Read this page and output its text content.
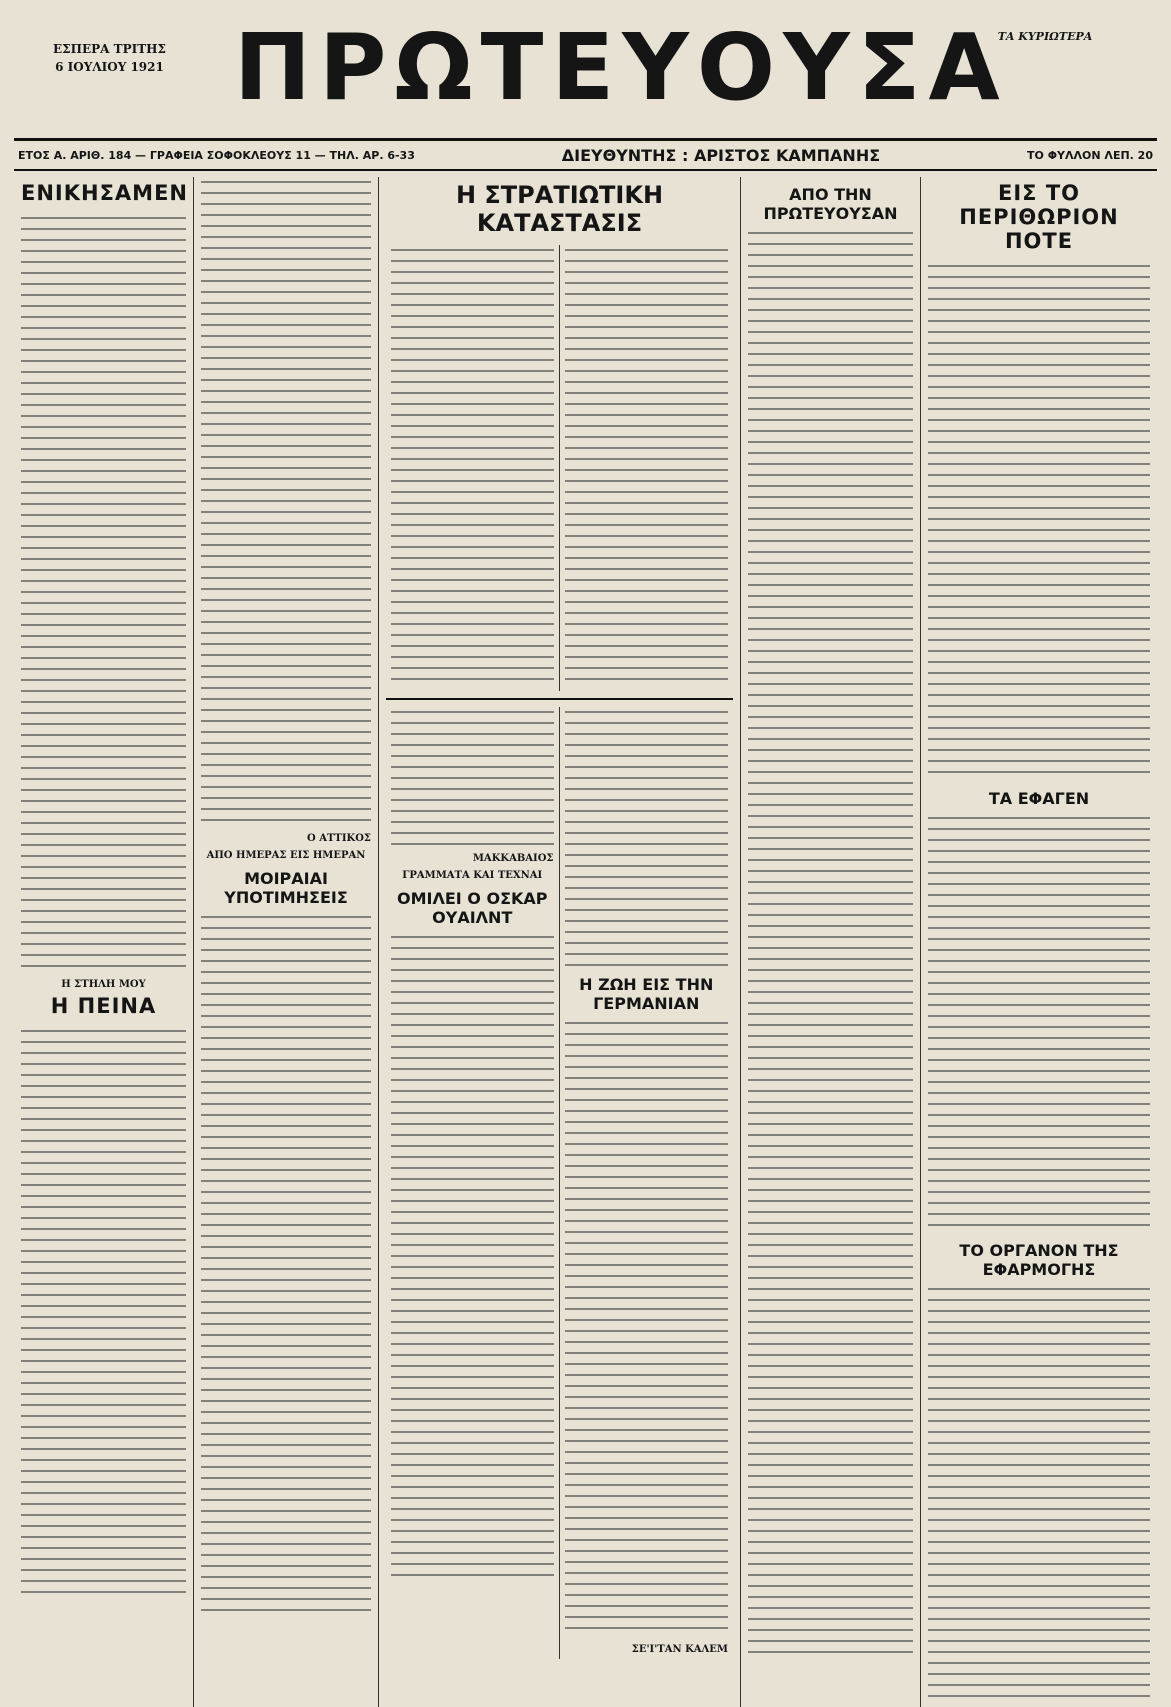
ΕΣΠΕΡΑ ΤΡΙΤΗΣ
6 ΙΟΥΛΙΟΥ 1921 ΠΡΩΤΕΥΟΥΣΑ
ΤΑ ΚΥΡΙΩΤΕΡΑ
ΕΤΟΣ Α. ΑΡΙΘ. 184 — ΓΡΑΦΕΙΑ ΣΟΦΟΚΛΕΟΥΣ 11 — ΤΗΛ. ΑΡ. 6-33	ΔΙΕΥΘΥΝΤΗΣ : ΑΡΙΣΤΟΣ ΚΑΜΠΑΝΗΣ	ΤΟ ΦΥΛΛΟΝ ΛΕΠ. 20
ΕΝΙΚΗΣΑΜΕΝ
Η ΣΤΗΛΗ ΜΟΥ
Η ΠΕΙΝΑ
Ο ΑΤΤΙΚΟΣ
ΑΠΟ ΗΜΕΡΑΣ ΕΙΣ ΗΜΕΡΑΝ
ΜΟΙΡΑΙΑΙ ΥΠΟΤΙΜΗΣΕΙΣ
Η ΣΤΡΑΤΙΩΤΙΚΗ ΚΑΤΑΣΤΑΣΙΣ
ΜΑΚΚΑΒΑΙΟΣ
ΓΡΑΜΜΑΤΑ ΚΑΙ ΤΕΧΝΑΙ
ΟΜΙΛΕΙ Ο ΟΣΚΑΡ ΟΥΑΙΛΝΤ
Η ΖΩΗ ΕΙΣ ΤΗΝ ΓΕΡΜΑΝΙΑΝ
ΣΕ'Ι'ΤΑΝ ΚΑΛΕΜ
ΑΠΟ ΤΗΝ ΠΡΩΤΕΥΟΥΣΑΝ
ΕΙΣ ΤΟ ΠΕΡΙΘΩΡΙΟΝ ΠΟΤΕ
ΤΑ ΕΦΑΓΕΝ
ΤΟ ΟΡΓΑΝΟΝ ΤΗΣ ΕΦΑΡΜΟΓΗΣ
